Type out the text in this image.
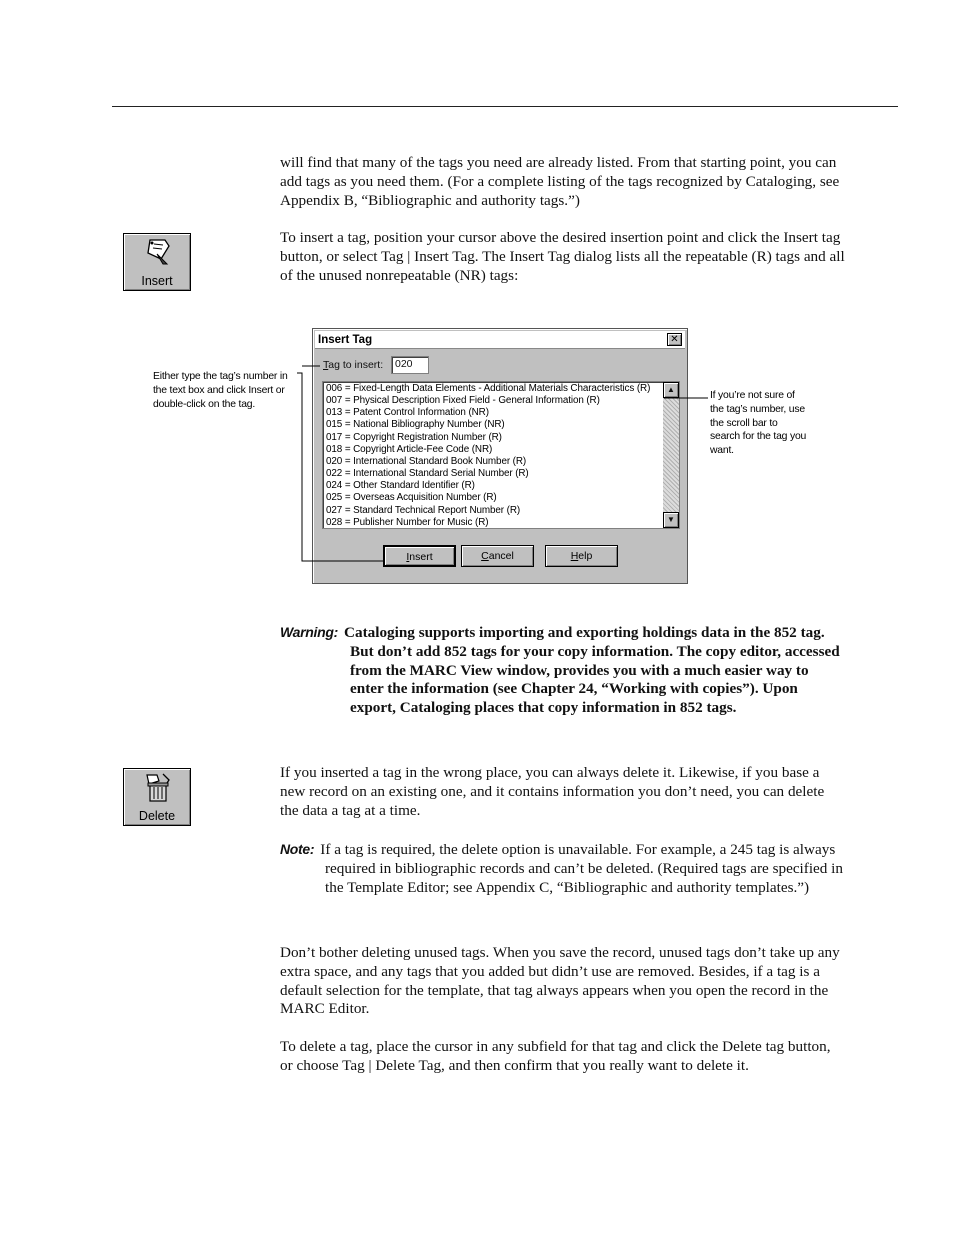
will find that many of the tags you need are already listed. From that starting point, you can add tags as you need them. (For a complete listing of the tags recognized by Cataloging, see Appendix B, “Bibliographic and authority tags.”)

Insert

To insert a tag, position your cursor above the desired insertion point and click the Insert tag button, or select Tag | Insert Tag. The Insert Tag dialog lists all the repeatable (R) tags and all of the unused nonrepeatable (NR) tags:

Either type the tag’s number in the text box and click Insert or double-click on the tag.
If you’re not sure of the tag’s number, use the scroll bar to search for the tag you want.
Insert Tag	✕
Tag to insert:	020
006 = Fixed-Length Data Elements - Additional Materials Characteristics (R)
007 = Physical Description Fixed Field - General Information (R)
013 = Patent Control Information (NR)
015 = National Bibliography Number (NR)
017 = Copyright Registration Number (R)
018 = Copyright Article-Fee Code (NR)
020 = International Standard Book Number (R)
022 = International Standard Serial Number (R)
024 = Other Standard Identifier (R)
025 = Overseas Acquisition Number (R)
027 = Standard Technical Report Number (R)
028 = Publisher Number for Music (R)
▲
▼
Insert	Cancel	Help
Warning: Cataloging supports importing and exporting holdings data in the 852 tag. But don’t add 852 tags for your copy information. The copy editor, accessed from the MARC View window, provides you with a much easier way to enter the information (see Chapter 24, “Working with copies”). Upon export, Cataloging places that copy information in 852 tags.
Delete

If you inserted a tag in the wrong place, you can always delete it. Likewise, if you base a new record on an existing one, and it contains information you don’t need, you can delete the data a tag at a time.

Note: If a tag is required, the delete option is unavailable. For example, a 245 tag is always required in bibliographic records and can’t be deleted. (Required tags are specified in the Template Editor; see Appendix C, “Bibliographic and authority templates.”)

Don’t bother deleting unused tags. When you save the record, unused tags don’t take up any extra space, and any tags that you added but didn’t use are removed. Besides, if a tag is a default selection for the template, that tag always appears when you open the record in the MARC Editor.

To delete a tag, place the cursor in any subfield for that tag and click the Delete tag button, or choose Tag | Delete Tag, and then confirm that you really want to delete it.
